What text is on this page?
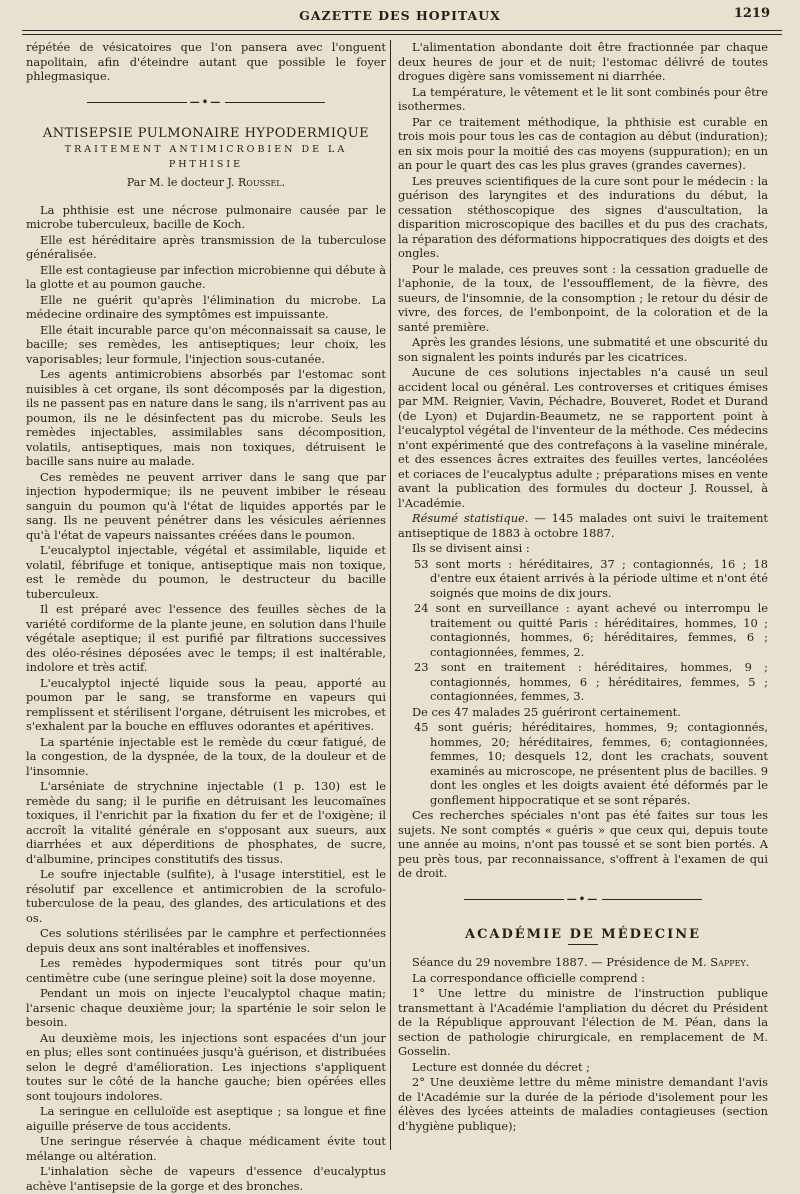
GAZETTE DES HOPITAUX	1219

répétée de vésicatoires que l'on pansera avec l'onguent napolitain, afin d'éteindre autant que possible le foyer phlegmasique.

—•—
ANTISEPSIE PULMONAIRE HYPODERMIQUE
TRAITEMENT ANTIMICROBIEN DE LA PHTHISIE
Par M. le docteur J. Roussel.

La phthisie est une nécrose pulmonaire causée par le microbe tuberculeux, bacille de Koch.

Elle est héréditaire après transmission de la tuberculose généralisée.

Elle est contagieuse par infection microbienne qui débute à la glotte et au poumon gauche.

Elle ne guérit qu'après l'élimination du microbe. La médecine ordinaire des symptômes est impuissante.

Elle était incurable parce qu'on méconnaissait sa cause, le bacille; ses remèdes, les antiseptiques; leur choix, les vaporisables; leur formule, l'injection sous-cutanée.

Les agents antimicrobiens absorbés par l'estomac sont nuisibles à cet organe, ils sont décomposés par la digestion, ils ne passent pas en nature dans le sang, ils n'arrivent pas au poumon, ils ne le désinfectent pas du microbe. Seuls les remèdes injectables, assimilables sans décomposition, volatils, antiseptiques, mais non toxiques, détruisent le bacille sans nuire au malade.

Ces remèdes ne peuvent arriver dans le sang que par injection hypodermique; ils ne peuvent imbiber le réseau sanguin du poumon qu'à l'état de liquides apportés par le sang. Ils ne peuvent pénétrer dans les vésicules aériennes qu'à l'état de vapeurs naissantes créées dans le poumon.

L'eucalyptol injectable, végétal et assimilable, liquide et volatil, fébrifuge et tonique, antiseptique mais non toxique, est le remède du poumon, le destructeur du bacille tuberculeux.

Il est préparé avec l'essence des feuilles sèches de la variété cordiforme de la plante jeune, en solution dans l'huile végétale aseptique; il est purifié par filtrations successives des oléo-résines déposées avec le temps; il est inaltérable, indolore et très actif.

L'eucalyptol injecté liquide sous la peau, apporté au poumon par le sang, se transforme en vapeurs qui remplissent et stérilisent l'organe, détruisent les microbes, et s'exhalent par la bouche en effluves odorantes et apéritives.

La sparténie injectable est le remède du cœur fatigué, de la congestion, de la dyspnée, de la toux, de la douleur et de l'insomnie.

L'arséniate de strychnine injectable (1 p. 130) est le remède du sang; il le purifie en détruisant les leucomaïnes toxiques, il l'enrichit par la fixation du fer et de l'oxigène; il accroît la vitalité générale en s'opposant aux sueurs, aux diarrhées et aux déperditions de phosphates, de sucre, d'albumine, principes constitutifs des tissus.

Le soufre injectable (sulfite), à l'usage interstitiel, est le résolutif par excellence et antimicrobien de la scrofulo-tuberculose de la peau, des glandes, des articulations et des os.

Ces solutions stérilisées par le camphre et perfectionnées depuis deux ans sont inaltérables et inoffensives.

Les remèdes hypodermiques sont titrés pour qu'un centimètre cube (une seringue pleine) soit la dose moyenne.

Pendant un mois on injecte l'eucalyptol chaque matin; l'arsenic chaque deuxième jour; la sparténie le soir selon le besoin.

Au deuxième mois, les injections sont espacées d'un jour en plus; elles sont continuées jusqu'à guérison, et distribuées selon le degré d'amélioration. Les injections s'appliquent toutes sur le côté de la hanche gauche; bien opérées elles sont toujours indolores.

La seringue en celluloïde est aseptique ; sa longue et fine aiguille préserve de tous accidents.

Une seringue réservée à chaque médicament évite tout mélange ou altération.

L'inhalation sèche de vapeurs d'essence d'eucalyptus achève l'antisepsie de la gorge et des bronches.

L'alimentation abondante doit être fractionnée par chaque deux heures de jour et de nuit; l'estomac délivré de toutes drogues digère sans vomissement ni diarrhée.

La température, le vêtement et le lit sont combinés pour être isothermes.

Par ce traitement méthodique, la phthisie est curable en trois mois pour tous les cas de contagion au début (induration); en six mois pour la moitié des cas moyens (suppuration); en un an pour le quart des cas les plus graves (grandes cavernes).

Les preuves scientifiques de la cure sont pour le médecin : la guérison des laryngites et des indurations du début, la cessation stéthoscopique des signes d'auscultation, la disparition microscopique des bacilles et du pus des crachats, la réparation des déformations hippocratiques des doigts et des ongles.

Pour le malade, ces preuves sont : la cessation graduelle de l'aphonie, de la toux, de l'essoufflement, de la fièvre, des sueurs, de l'insomnie, de la consomption ; le retour du désir de vivre, des forces, de l'embonpoint, de la coloration et de la santé première.

Après les grandes lésions, une submatité et une obscurité du son signalent les points indurés par les cicatrices.

Aucune de ces solutions injectables n'a causé un seul accident local ou général. Les controverses et critiques émises par MM. Reignier, Vavin, Péchadre, Bouveret, Rodet et Durand (de Lyon) et Dujardin-Beaumetz, ne se rapportent point à l'eucalyptol végétal de l'inventeur de la méthode. Ces médecins n'ont expérimenté que des contrefaçons à la vaseline minérale, et des essences âcres extraites des feuilles vertes, lancéolées et coriaces de l'eucalyptus adulte ; préparations mises en vente avant la publication des formules du docteur J. Roussel, à l'Académie.

Résumé statistique. — 145 malades ont suivi le traitement antiseptique de 1883 à octobre 1887.

Ils se divisent ainsi :

53 sont morts : héréditaires, 37 ; contagionnés, 16 ; 18 d'entre eux étaient arrivés à la période ultime et n'ont été soignés que moins de dix jours.

24 sont en surveillance : ayant achevé ou interrompu le traitement ou quitté Paris : héréditaires, hommes, 10 ; contagionnés, hommes, 6; héréditaires, femmes, 6 ; contagionnées, femmes, 2.

23 sont en traitement : héréditaires, hommes, 9 ; contagionnés, hommes, 6 ; héréditaires, femmes, 5 ; contagionnées, femmes, 3.

De ces 47 malades 25 guériront certainement.

45 sont guéris; héréditaires, hommes, 9; contagionnés, hommes, 20; héréditaires, femmes, 6; contagionnées, femmes, 10; desquels 12, dont les crachats, souvent examinés au microscope, ne présentent plus de bacilles. 9 dont les ongles et les doigts avaient été déformés par le gonflement hippocratique et se sont réparés.

Ces recherches spéciales n'ont pas été faites sur tous les sujets. Ne sont comptés « guéris » que ceux qui, depuis toute une année au moins, n'ont pas toussé et se sont bien portés. A peu près tous, par reconnaissance, s'offrent à l'examen de qui de droit.

—•—
ACADÉMIE DE MÉDECINE

Séance du 29 novembre 1887. — Présidence de M. Sappey.

La correspondance officielle comprend :

1° Une lettre du ministre de l'instruction publique transmettant à l'Académie l'ampliation du décret du Président de la République approuvant l'élection de M. Péan, dans la section de pathologie chirurgicale, en remplacement de M. Gosselin.

Lecture est donnée du décret ;

2° Une deuxième lettre du même ministre demandant l'avis de l'Académie sur la durée de la période d'isolement pour les élèves des lycées atteints de maladies contagieuses (section d'hygiène publique);
